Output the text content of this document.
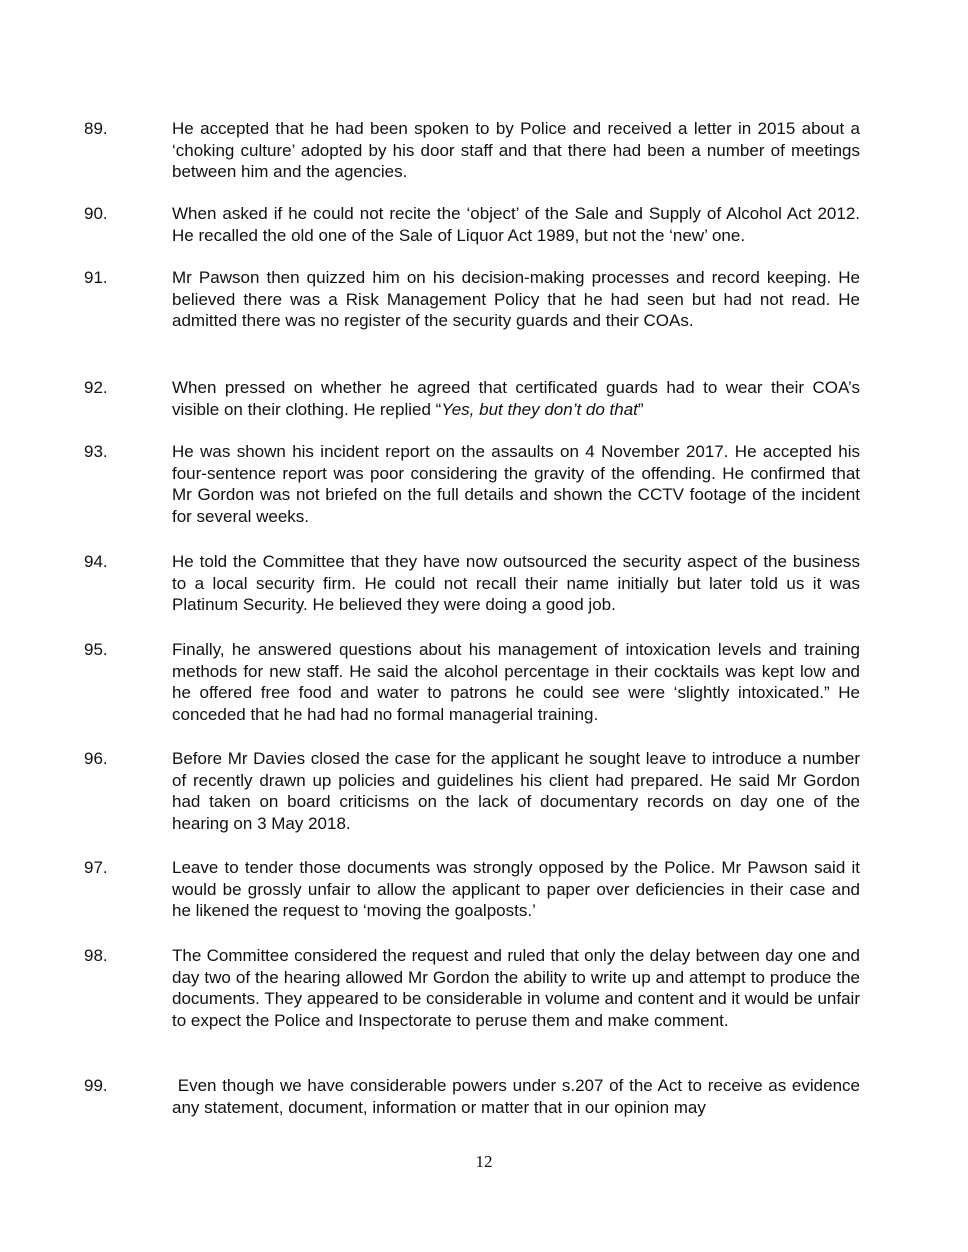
89.	He accepted that he had been spoken to by Police and received a letter in 2015 about a ‘choking culture’ adopted by his door staff and that there had been a number of meetings between him and the agencies.
90.	When asked if he could not recite the ‘object’ of the Sale and Supply of Alcohol Act 2012. He recalled the old one of the Sale of Liquor Act 1989, but not the ‘new’ one.
91.	Mr Pawson then quizzed him on his decision-making processes and record keeping. He believed there was a Risk Management Policy that he had seen but had not read. He admitted there was no register of the security guards and their COAs.
92.	When pressed on whether he agreed that certificated guards had to wear their COA’s visible on their clothing. He replied “Yes, but they don’t do that”
93.	He was shown his incident report on the assaults on 4 November 2017. He accepted his four-sentence report was poor considering the gravity of the offending. He confirmed that Mr Gordon was not briefed on the full details and shown the CCTV footage of the incident for several weeks.
94.	He told the Committee that they have now outsourced the security aspect of the business to a local security firm. He could not recall their name initially but later told us it was Platinum Security. He believed they were doing a good job.
95.	Finally, he answered questions about his management of intoxication levels and training methods for new staff. He said the alcohol percentage in their cocktails was kept low and he offered free food and water to patrons he could see were ‘slightly intoxicated.” He conceded that he had had no formal managerial training.
96.	Before Mr Davies closed the case for the applicant he sought leave to introduce a number of recently drawn up policies and guidelines his client had prepared. He said Mr Gordon had taken on board criticisms on the lack of documentary records on day one of the hearing on 3 May 2018.
97.	Leave to tender those documents was strongly opposed by the Police. Mr Pawson said it would be grossly unfair to allow the applicant to paper over deficiencies in their case and he likened the request to ‘moving the goalposts.’
98.	The Committee considered the request and ruled that only the delay between day one and day two of the hearing allowed Mr Gordon the ability to write up and attempt to produce the documents. They appeared to be considerable in volume and content and it would be unfair to expect the Police and Inspectorate to peruse them and make comment.
99.	Even though we have considerable powers under s.207 of the Act to receive as evidence any statement, document, information or matter that in our opinion may
12
